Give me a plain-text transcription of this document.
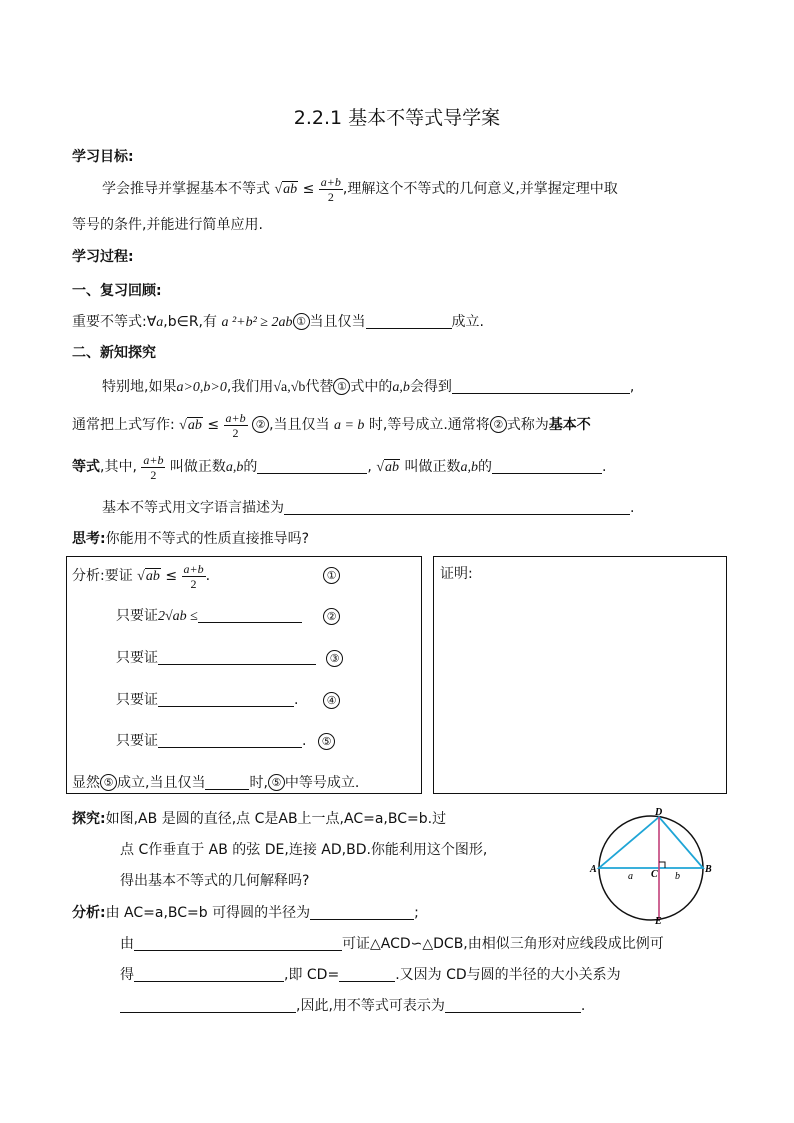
2.2.1 基本不等式导学案
学习目标:
学会推导并掌握基本不等式 $√ab \le \frac{a+b}{2}$ ,理解这个不等式的几何意义,并掌握定理中取
等号的条件,并能进行简单应用.
学习过程:
一、复习回顾:
重要不等式:∀a,b∈R,有 a ²+b² ≥ 2ab ① 当且仅当	成立.
二、新知探究
特别地,如果a>0,b>0,我们用√a,√b代替 ① 式中的a,b会得到	,
通常把上式写作: $√ab \le \frac{a+b}{2}$ ② ,当且仅当 a = b 时,等号成立.通常将 ② 式称为基本不
等式,其中, $\frac{a+b}{2}$ 叫做正数a,b的	, √ab 叫做正数a,b的	.
基本不等式用文字语言描述为	.
思考:你能用不等式的性质直接推导吗?
分析:要证 $√ab \le \frac{a+b}{2}$ .	①
只要证2√ab ≤	②
只要证	③
只要证	.	④
只要证	.	⑤
显然 ⑤ 成立,当且仅当	时, ⑤ 中等号成立.
证明:
探究:如图,AB 是圆的直径,点 C是AB上一点,AC=a,BC=b.过
点 C作垂直于 AB 的弦 DE,连接 AD,BD.你能利用这个图形,
得出基本不等式的几何解释吗?
A	B
C
D
E
a	b
分析:由 AC=a,BC=b 可得圆的半径为	;
由	可证△ACD∽△DCB,由相似三角形对应线段成比例可
得	,即 CD=	.又因为 CD与圆的半径的大小关系为
,因此,用不等式可表示为	.
